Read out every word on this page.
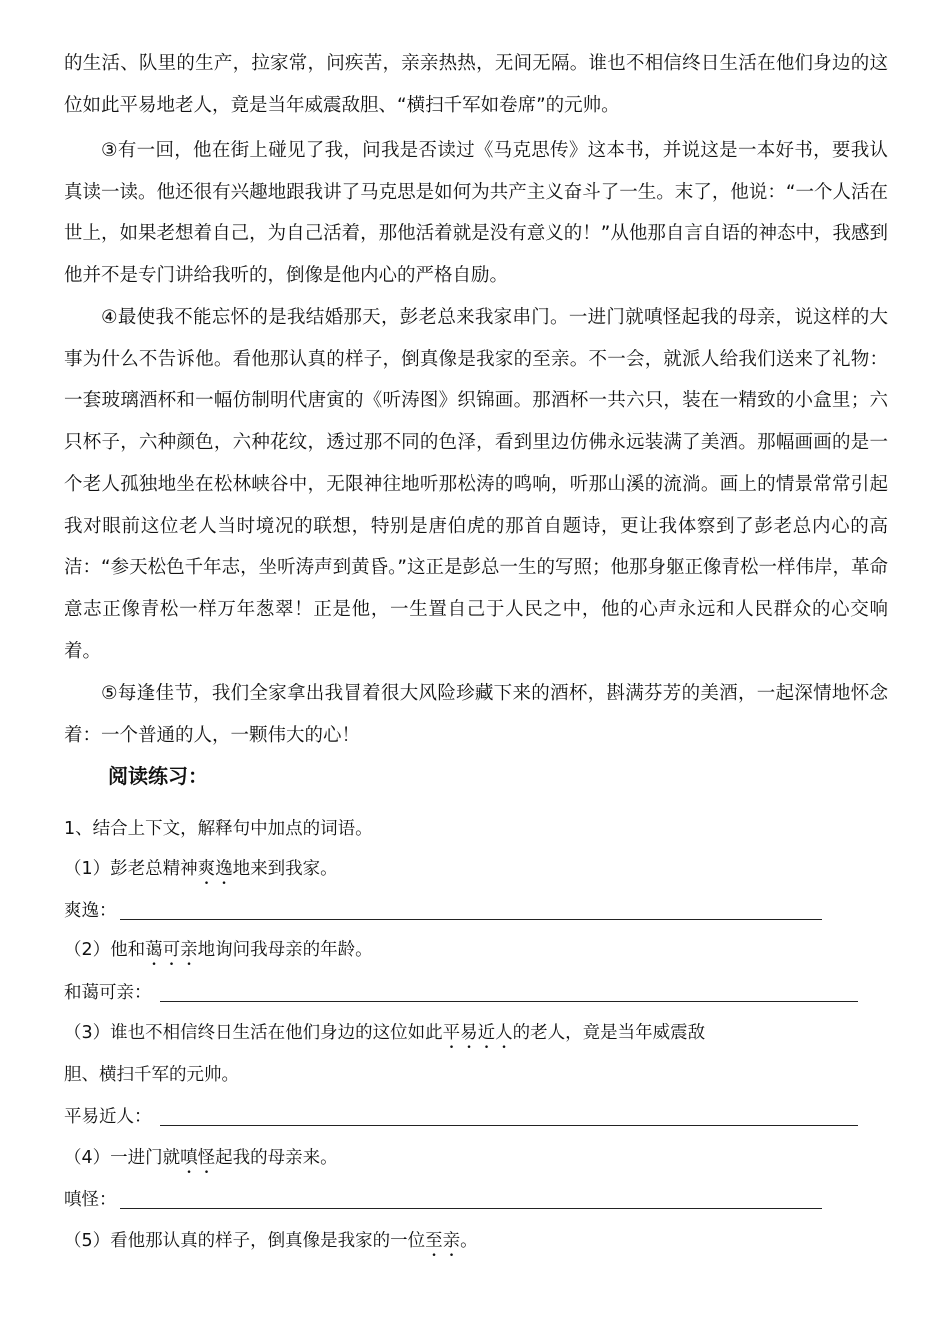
的生活、队里的生产，拉家常，问疾苦，亲亲热热，无间无隔。谁也不相信终日生活在他们身边的这位如此平易地老人，竟是当年威震敌胆、“横扫千军如卷席”的元帅。

③有一回，他在街上碰见了我，问我是否读过《马克思传》这本书，并说这是一本好书，要我认真读一读。他还很有兴趣地跟我讲了马克思是如何为共产主义奋斗了一生。末了，他说：“一个人活在世上，如果老想着自己，为自己活着，那他活着就是没有意义的！”从他那自言自语的神态中，我感到他并不是专门讲给我听的，倒像是他内心的严格自励。

④最使我不能忘怀的是我结婚那天，彭老总来我家串门。一进门就嗔怪起我的母亲，说这样的大事为什么不告诉他。看他那认真的样子，倒真像是我家的至亲。不一会，就派人给我们送来了礼物：一套玻璃酒杯和一幅仿制明代唐寅的《听涛图》织锦画。那酒杯一共六只，装在一精致的小盒里；六只杯子，六种颜色，六种花纹，透过那不同的色泽，看到里边仿佛永远装满了美酒。那幅画画的是一个老人孤独地坐在松林峡谷中，无限神往地听那松涛的鸣响，听那山溪的流淌。画上的情景常常引起我对眼前这位老人当时境况的联想，特别是唐伯虎的那首自题诗，更让我体察到了彭老总内心的高洁：“参天松色千年志，坐听涛声到黄昏。”这正是彭总一生的写照；他那身躯正像青松一样伟岸，革命意志正像青松一样万年葱翠！正是他，一生置自己于人民之中，他的心声永远和人民群众的心交响着。

⑤每逢佳节，我们全家拿出我冒着很大风险珍藏下来的酒杯，斟满芬芳的美酒，一起深情地怀念着：一个普通的人，一颗伟大的心！

阅读练习：

1、结合上下文，解释句中加点的词语。

（1）彭老总精神爽逸地来到我家。

爽逸：

（2）他和蔼可亲地询问我母亲的年龄。

和蔼可亲：

（3）谁也不相信终日生活在他们身边的这位如此平易近人的老人，竟是当年威震敌

胆、横扫千军的元帅。

平易近人：

（4）一进门就嗔怪起我的母亲来。

嗔怪：

（5）看他那认真的样子，倒真像是我家的一位至亲。
